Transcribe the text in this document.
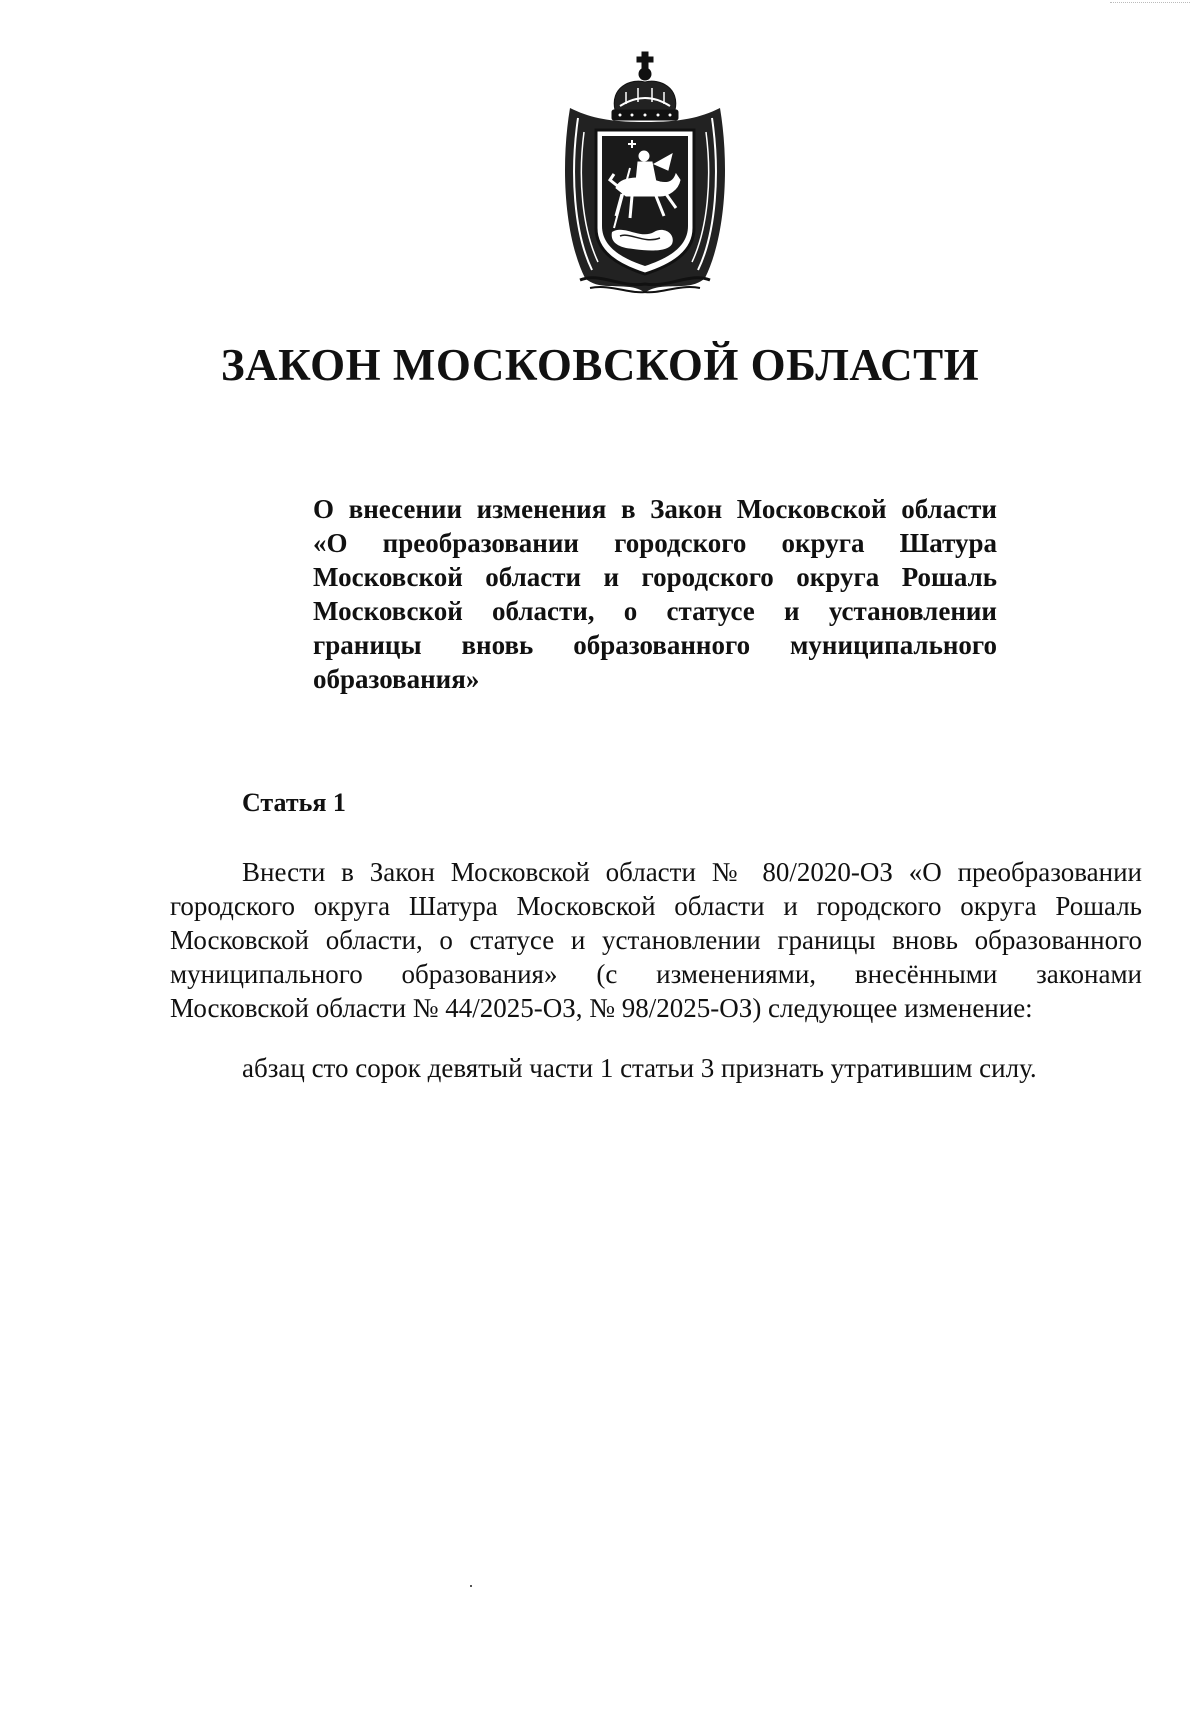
ЗАКОН МОСКОВСКОЙ ОБЛАСТИ
О внесении изменения в Закон Московской области
«О преобразовании городского округа Шатура
Московской области и городского округа Рошаль
Московской области, о статусе и установлении
границы вновь образованного муниципального
образования»
Статья 1
Внести в Закон Московской области № 80/2020-ОЗ «О преобразовании
городского округа Шатура Московской области и городского округа Рошаль
Московской области, о статусе и установлении границы вновь образованного
муниципального образования» (с изменениями, внесёнными законами
Московской области № 44/2025-ОЗ, № 98/2025-ОЗ) следующее изменение:
абзац сто сорок девятый части 1 статьи 3 признать утратившим силу.
